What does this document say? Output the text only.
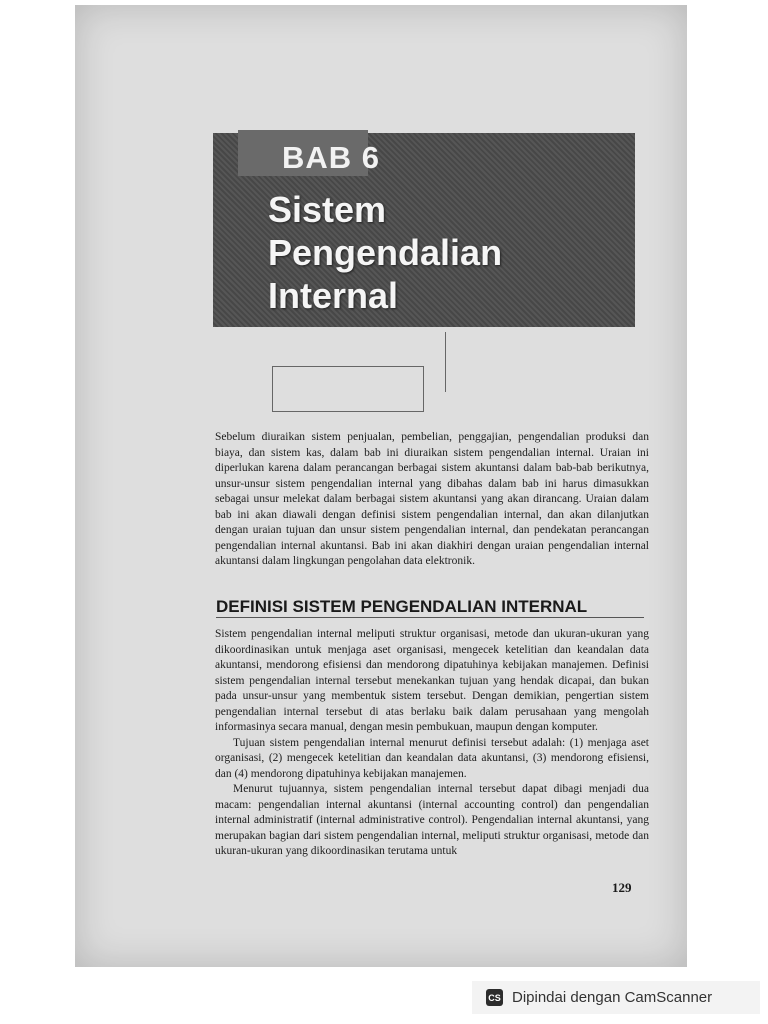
BAB 6
Sistem Pengendalian Internal
Sebelum diuraikan sistem penjualan, pembelian, penggajian, pengendalian produksi dan biaya, dan sistem kas, dalam bab ini diuraikan sistem pengendalian internal. Uraian ini diperlukan karena dalam perancangan berbagai sistem akuntansi dalam bab-bab berikutnya, unsur-unsur sistem pengendalian internal yang dibahas dalam bab ini harus dimasukkan sebagai unsur melekat dalam berbagai sistem akuntansi yang akan dirancang. Uraian dalam bab ini akan diawali dengan definisi sistem pengendalian internal, dan akan dilanjutkan dengan uraian tujuan dan unsur sistem pengendalian internal, dan pendekatan perancangan pengendalian internal akuntansi. Bab ini akan diakhiri dengan uraian pengendalian internal akuntansi dalam lingkungan pengolahan data elektronik.
DEFINISI SISTEM PENGENDALIAN INTERNAL

Sistem pengendalian internal meliputi struktur organisasi, metode dan ukuran-ukuran yang dikoordinasikan untuk menjaga aset organisasi, mengecek ketelitian dan keandalan data akuntansi, mendorong efisiensi dan mendorong dipatuhinya kebijakan manajemen. Definisi sistem pengendalian internal tersebut menekankan tujuan yang hendak dicapai, dan bukan pada unsur-unsur yang membentuk sistem tersebut. Dengan demikian, pengertian sistem pengendalian internal tersebut di atas berlaku baik dalam perusahaan yang mengolah informasinya secara manual, dengan mesin pembukuan, maupun dengan komputer.

Tujuan sistem pengendalian internal menurut definisi tersebut adalah: (1) menjaga aset organisasi, (2) mengecek ketelitian dan keandalan data akuntansi, (3) mendorong efisiensi, dan (4) mendorong dipatuhinya kebijakan manajemen.

Menurut tujuannya, sistem pengendalian internal tersebut dapat dibagi menjadi dua macam: pengendalian internal akuntansi (internal accounting control) dan pengendalian internal administratif (internal administrative control). Pengendalian internal akuntansi, yang merupakan bagian dari sistem pengendalian internal, meliputi struktur organisasi, metode dan ukuran-ukuran yang dikoordinasikan terutama untuk

129
CS Dipindai dengan CamScanner
